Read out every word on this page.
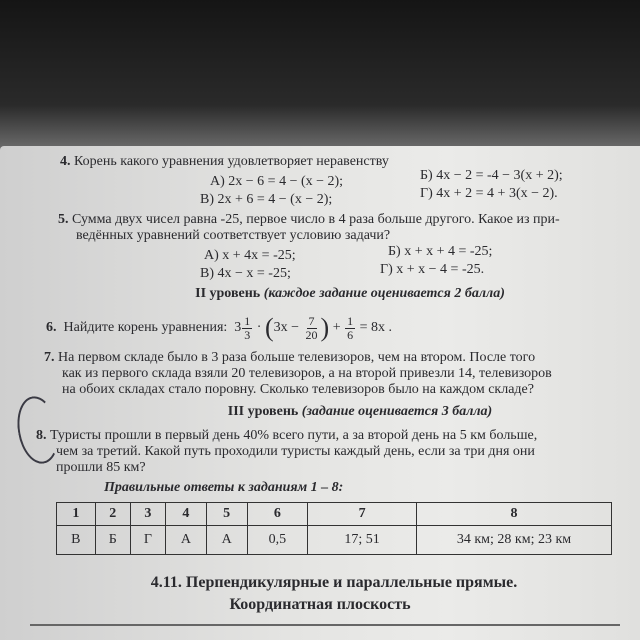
4. Корень какого уравнения удовлетворяет неравенству
А) 2x − 6 = 4 − (x − 2);	Б) 4x − 2 = -4 − 3(x + 2);
В) 2x + 6 = 4 − (x − 2);	Г) 4x + 2 = 4 + 3(x − 2).
5. Сумма двух чисел равна -25, первое число в 4 раза больше другого. Какое из при-
ведённых уравнений соответствует условию задачи?
А) x + 4x = -25;	Б) x + x + 4 = -25;
В) 4x − x = -25;	Г) x + x − 4 = -25.
II уровень (каждое задание оценивается 2 балла)
6. Найдите корень уравнения: $3 \frac{1}{3} \cdot (3x - \frac{7}{20}$ ) + $\frac{1}{6} = 8x$ .
7. На первом складе было в 3 раза больше телевизоров, чем на втором. После того
как из первого склада взяли 20 телевизоров, а на второй привезли 14, телевизоров
на обоих складах стало поровну. Сколько телевизоров было на каждом складе?
III уровень (задание оценивается 3 балла)
8. Туристы прошли в первый день 40% всего пути, а за второй день на 5 км больше,
чем за третий. Какой путь проходили туристы каждый день, если за три дня они
прошли 85 км?
Правильные ответы к заданиям 1 – 8:
1	2	3	4	5	6	7	8
В	Б	Г	А	А	0,5	17; 51	34 км; 28 км; 23 км
4.11. Перпендикулярные и параллельные прямые.
Координатная плоскость
